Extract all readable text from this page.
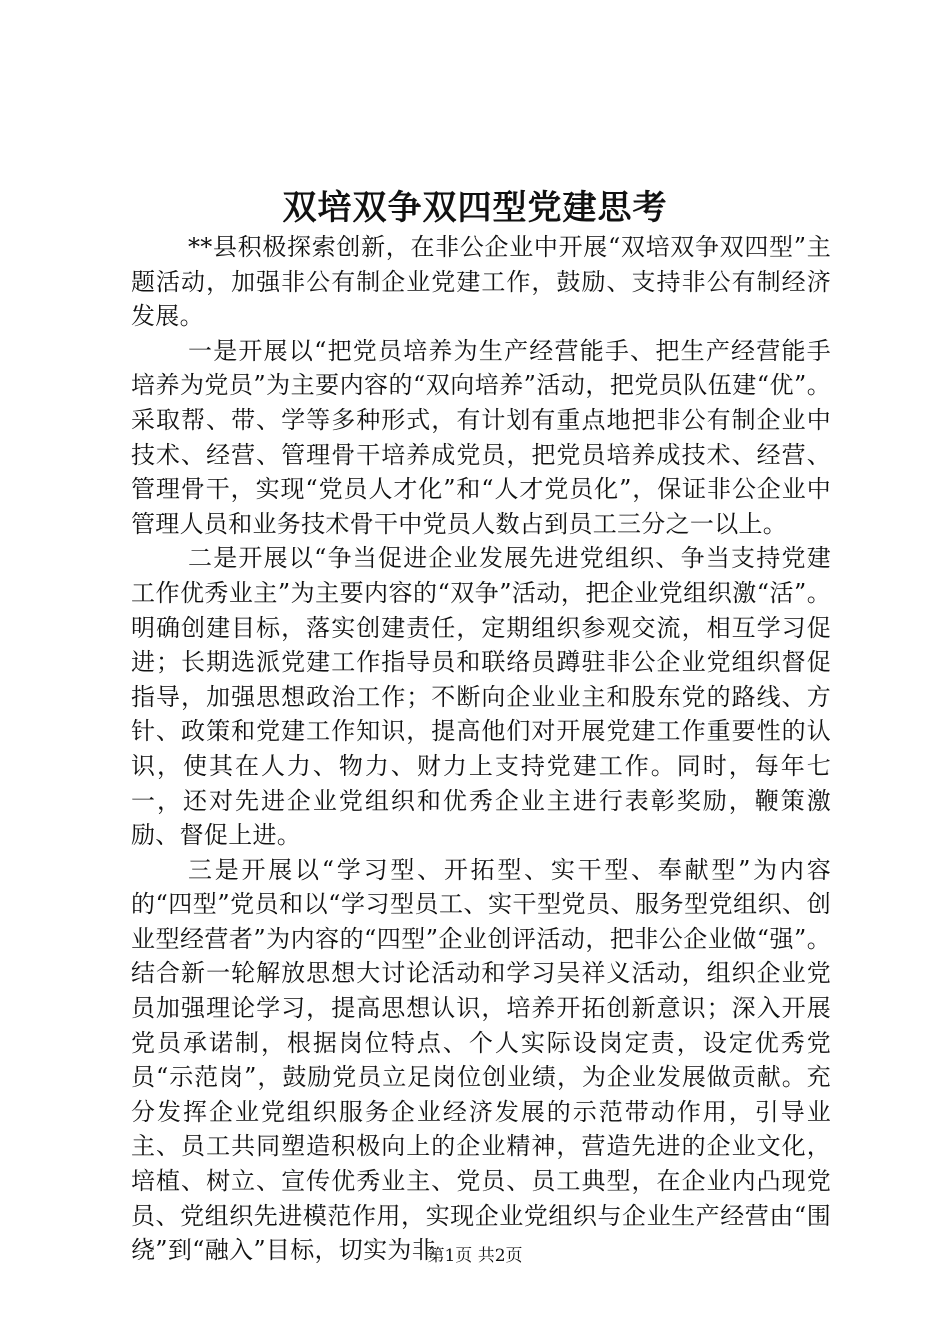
双培双争双四型党建思考

**县积极探索创新，在非公企业中开展“双培双争双四型”主题活动，加强非公有制企业党建工作，鼓励、支持非公有制经济发展。

一是开展以“把党员培养为生产经营能手、把生产经营能手培养为党员”为主要内容的“双向培养”活动，把党员队伍建“优”。采取帮、带、学等多种形式，有计划有重点地把非公有制企业中技术、经营、管理骨干培养成党员，把党员培养成技术、经营、管理骨干，实现“党员人才化”和“人才党员化”，保证非公企业中管理人员和业务技术骨干中党员人数占到员工三分之一以上。

二是开展以“争当促进企业发展先进党组织、争当支持党建工作优秀业主”为主要内容的“双争”活动，把企业党组织激“活”。明确创建目标，落实创建责任，定期组织参观交流，相互学习促进；长期选派党建工作指导员和联络员蹲驻非公企业党组织督促指导，加强思想政治工作；不断向企业业主和股东党的路线、方针、政策和党建工作知识，提高他们对开展党建工作重要性的认识，使其在人力、物力、财力上支持党建工作。同时，每年七一，还对先进企业党组织和优秀企业主进行表彰奖励，鞭策激励、督促上进。

三是开展以“学习型、开拓型、实干型、奉献型”为内容的“四型”党员和以“学习型员工、实干型党员、服务型党组织、创业型经营者”为内容的“四型”企业创评活动，把非公企业做“强”。结合新一轮解放思想大讨论活动和学习吴祥义活动，组织企业党员加强理论学习，提高思想认识，培养开拓创新意识；深入开展党员承诺制，根据岗位特点、个人实际设岗定责，设定优秀党员“示范岗”，鼓励党员立足岗位创业绩，为企业发展做贡献。充分发挥企业党组织服务企业经济发展的示范带动作用，引导业主、员工共同塑造积极向上的企业精神，营造先进的企业文化，培植、树立、宣传优秀业主、党员、员工典型，在企业内凸现党员、党组织先进模范作用，实现企业党组织与企业生产经营由“围绕”到“融入”目标，切实为非

第1页 共2页
